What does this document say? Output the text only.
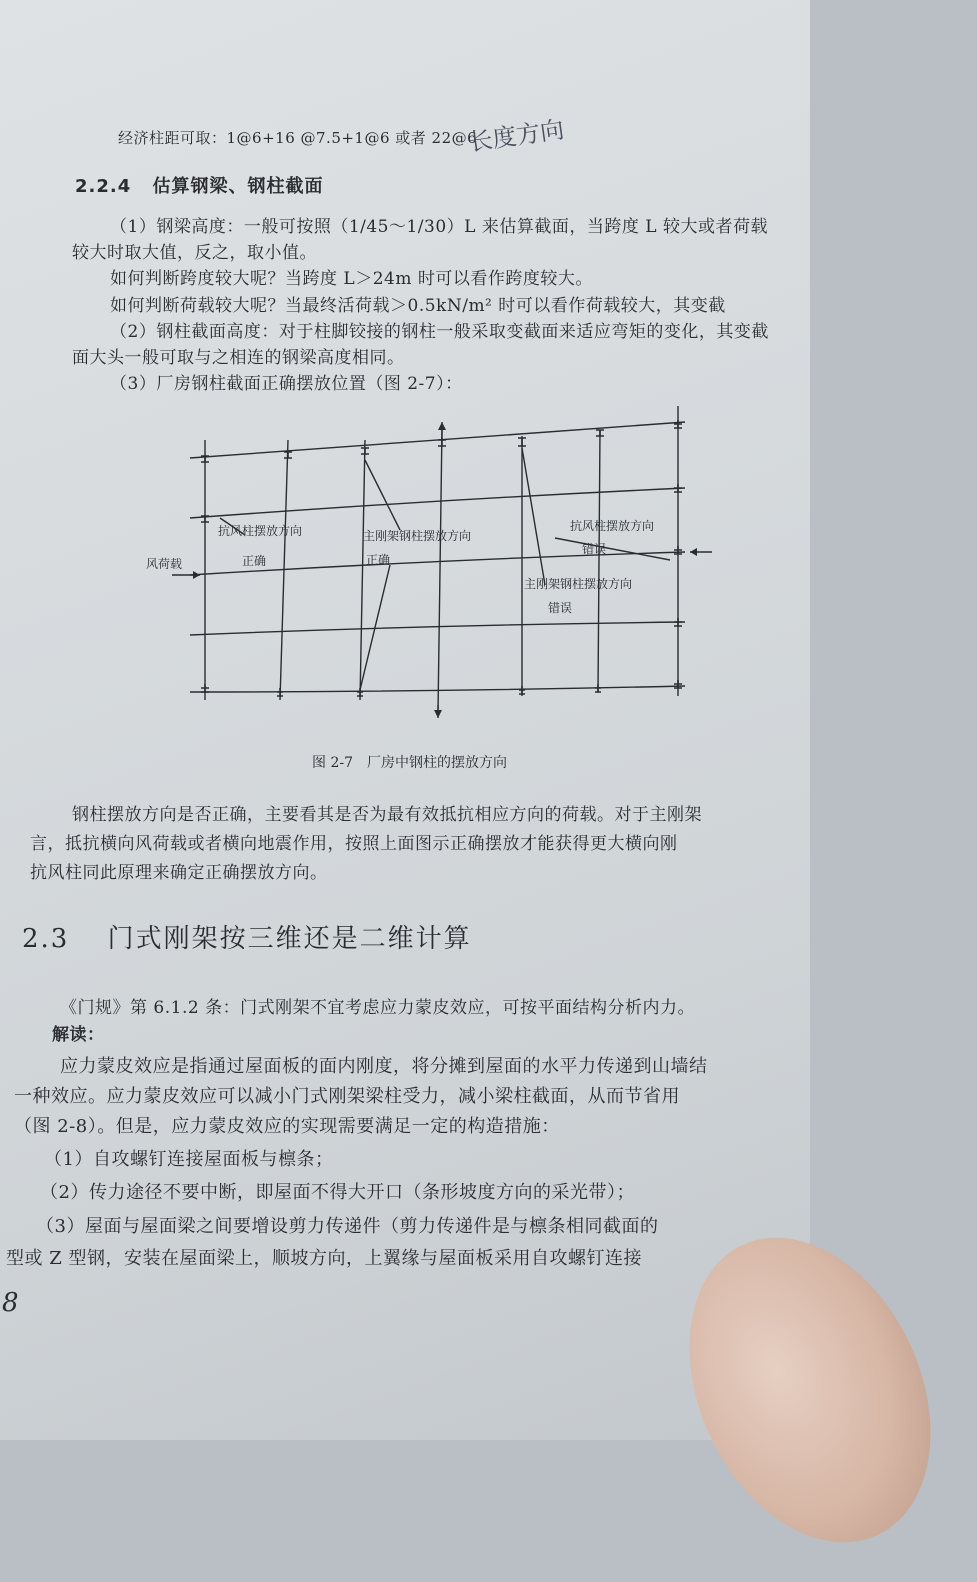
经济柱距可取：1@6+16 @7.5+1@6 或者 22@6
长度方向
2.2.4 估算钢梁、钢柱截面
（1）钢梁高度：一般可按照（1/45～1/30）L 来估算截面，当跨度 L 较大或者荷载
较大时取大值，反之，取小值。
如何判断跨度较大呢？当跨度 L＞24m 时可以看作跨度较大。
如何判断荷载较大呢？当最终活荷载＞0.5kN/m² 时可以看作荷载较大，其变截
（2）钢柱截面高度：对于柱脚铰接的钢柱一般采取变截面来适应弯矩的变化，其变截
面大头一般可取与之相连的钢梁高度相同。
（3）厂房钢柱截面正确摆放位置（图 2-7）：
抗风柱摆放方向
正确
主刚架钢柱摆放方向
正确
抗风柱摆放方向
错误
主刚架钢柱摆放方向
错误
风荷载
图 2-7　厂房中钢柱的摆放方向
钢柱摆放方向是否正确，主要看其是否为最有效抵抗相应方向的荷载。对于主刚架
言，抵抗横向风荷载或者横向地震作用，按照上面图示正确摆放才能获得更大横向刚
抗风柱同此原理来确定正确摆放方向。
2.3 门式刚架按三维还是二维计算
《门规》第 6.1.2 条：门式刚架不宜考虑应力蒙皮效应，可按平面结构分析内力。
解读：
应力蒙皮效应是指通过屋面板的面内刚度，将分摊到屋面的水平力传递到山墙结
一种效应。应力蒙皮效应可以减小门式刚架梁柱受力，减小梁柱截面，从而节省用
（图 2-8）。但是，应力蒙皮效应的实现需要满足一定的构造措施：
（1）自攻螺钉连接屋面板与檩条；
（2）传力途径不要中断，即屋面不得大开口（条形坡度方向的采光带）；
（3）屋面与屋面梁之间要增设剪力传递件（剪力传递件是与檩条相同截面的
型或 Z 型钢，安装在屋面梁上，顺坡方向，上翼缘与屋面板采用自攻螺钉连接
8
